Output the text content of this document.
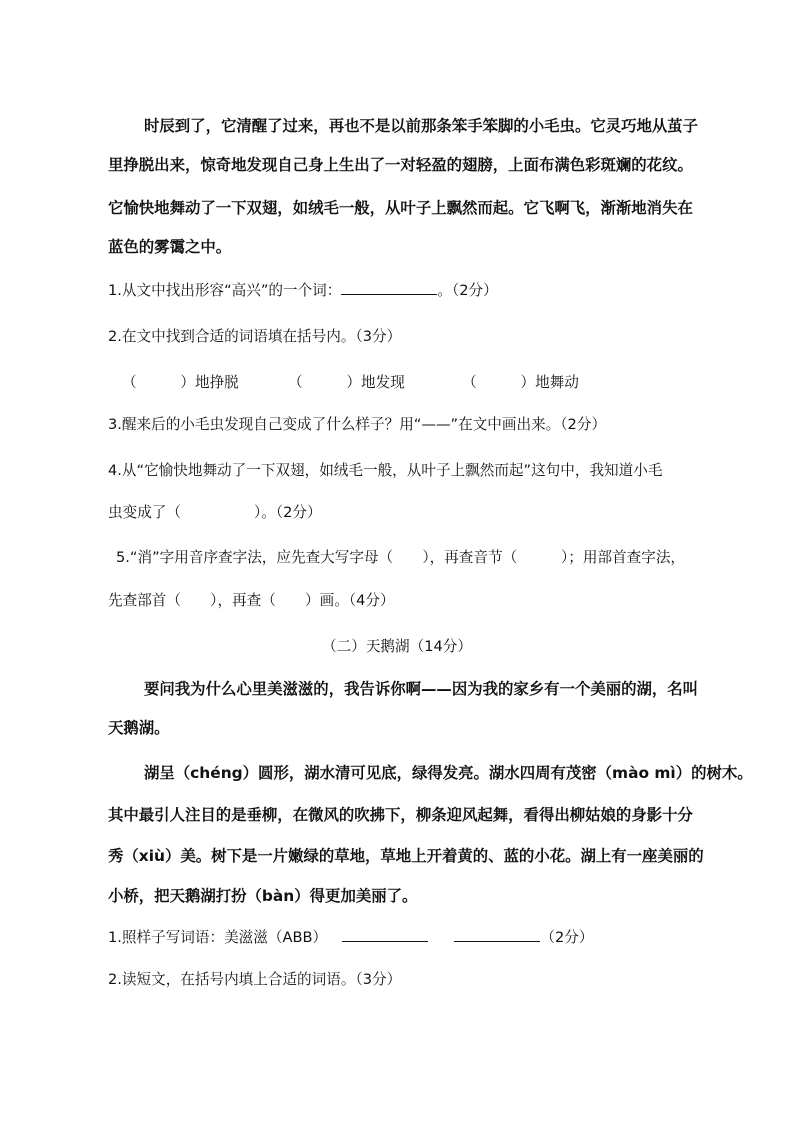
时辰到了，它清醒了过来，再也不是以前那条笨手笨脚的小毛虫。它灵巧地从茧子
里挣脱出来，惊奇地发现自己身上生出了一对轻盈的翅膀，上面布满色彩斑斓的花纹。
它愉快地舞动了一下双翅，如绒毛一般，从叶子上飘然而起。它飞啊飞，渐渐地消失在
蓝色的雾霭之中。
1.从文中找出形容“高兴”的一个词：	。（2分）
2.在文中找到合适的词语填在括号内。（3分）
（　　　）地挣脱	（　　　）地发现	（　　　）地舞动
3.醒来后的小毛虫发现自己变成了什么样子？用“——”在文中画出来。（2分）
4.从“它愉快地舞动了一下双翅，如绒毛一般，从叶子上飘然而起”这句中，我知道小毛
虫变成了（　　　　　）。（2分）
5.“消”字用音序查字法，应先查大写字母（　　），再查音节（　　　）；用部首查字法，
先查部首（　　），再查（　　）画。（4分）
（二）天鹅湖（14分）
要问我为什么心里美滋滋的，我告诉你啊——因为我的家乡有一个美丽的湖，名叫
天鹅湖。
湖呈（chéng）圆形，湖水清可见底，绿得发亮。湖水四周有茂密（mào mì）的树木。
其中最引人注目的是垂柳，在微风的吹拂下，柳条迎风起舞，看得出柳姑娘的身影十分
秀（xiù）美。树下是一片嫩绿的草地，草地上开着黄的、蓝的小花。湖上有一座美丽的
小桥，把天鹅湖打扮（bàn）得更加美丽了。
1.照样子写词语：美滋滋（ABB）	（2分）
2.读短文，在括号内填上合适的词语。（3分）
